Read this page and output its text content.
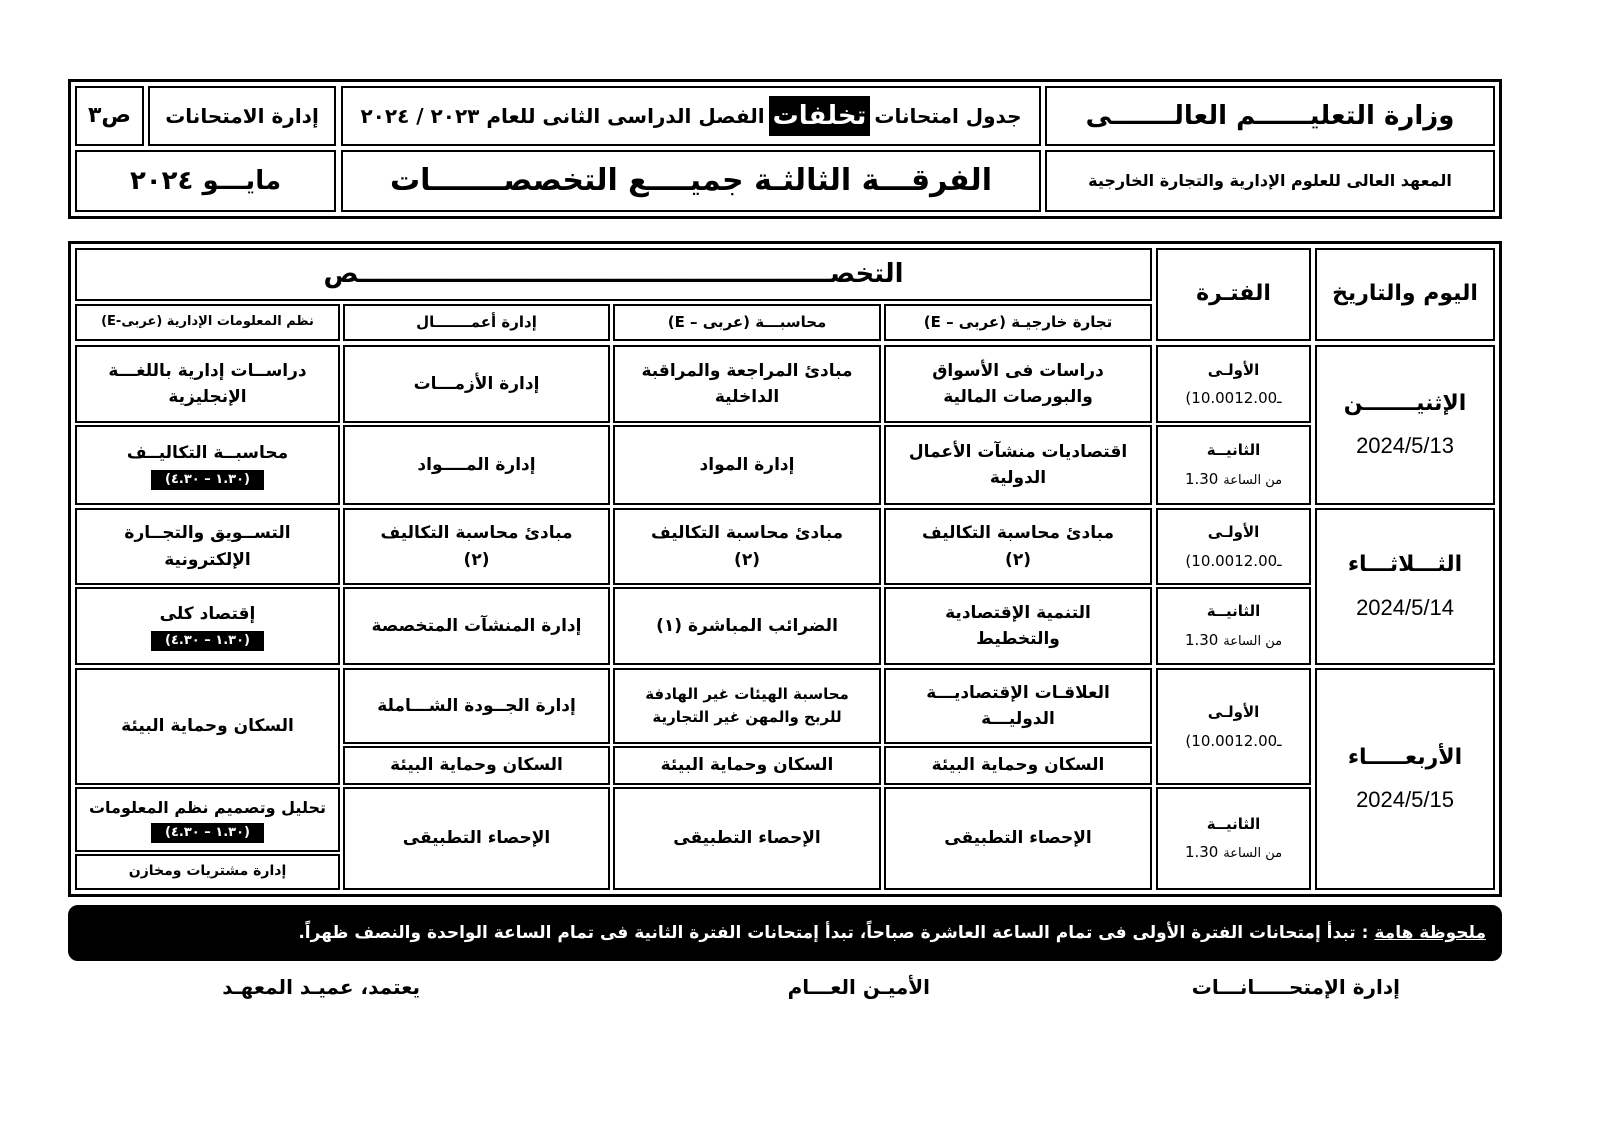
وزارة التعليــــــم العالـــــــى
المعهد العالى للعلوم الإدارية والتجارة الخارجية
جدول امتحانات
تخلفات
الفصل الدراسى الثانى للعام ٢٠٢٣ / ٢٠٢٤
الفرقـــة الثالثـة جميــــع التخصصـــــــات
إدارة الامتحانات
ص٣
مايـــو ٢٠٢٤
اليوم والتاريخ
الفتـرة
التخصـــــــــــــــــــــــــــــــــــــــــــــــــــــص
تجارة خارجيـة (عربى – E)
محاسبـــة (عربى – E)
إدارة أعمـــــــال
نظم المعلومات الإدارية (عربى-E)
الإثنيـــــــن
2024/5/13
الأولـى
(10.00ـ12.00
الثانيــة
من الساعة 1.30
دراسات فى الأسواق
والبورصات المالية
مبادئ المراجعة والمراقبة
الداخلية
إدارة الأزمـــات
دراســات إدارية باللغـــة
الإنجليزية
اقتصاديات منشآت الأعمال
الدولية
إدارة المواد
إدارة المــــواد
محاسبــة التكاليــف
(١.٣٠ – ٤.٣٠)
الثـــلاثـــاء
2024/5/14
الأولـى
(10.00ـ12.00
الثانيــة
من الساعة 1.30
مبادئ محاسبة التكاليف
(٢)
مبادئ محاسبة التكاليف
(٢)
مبادئ محاسبة التكاليف
(٢)
التســويق والتجــارة
الإلكترونية
التنمية الإقتصادية
والتخطيط
الضرائب المباشرة (١)
إدارة المنشآت المتخصصة
إقتصاد كلى
(١.٣٠ – ٤.٣٠)
الأربعـــــاء
2024/5/15
الأولـى
(10.00ـ12.00
الثانيــة
من الساعة 1.30
العلاقـات الإقتصاديـــة
الدوليـــة
محاسبة الهيئات غير الهادفة
للربح والمهن غير التجارية
إدارة الجــودة الشـــاملة
السكان وحماية البيئة
السكان وحماية البيئة
السكان وحماية البيئة
السكان وحماية البيئة
الإحصاء التطبيقى
الإحصاء التطبيقى
الإحصاء التطبيقى
تحليل وتصميم نظم المعلومات
(١.٣٠ – ٤.٣٠)
إدارة مشتريات ومخازن
ملحوظة هامة
: تبدأ إمتحانات الفترة الأولى فى تمام الساعة العاشرة صباحاً، تبدأ إمتحانات الفترة الثانية فى تمام الساعة الواحدة والنصف ظهراً.
إدارة الإمتحـــــانـــات
الأميـن العـــام
يعتمد، عميـد المعهـد
